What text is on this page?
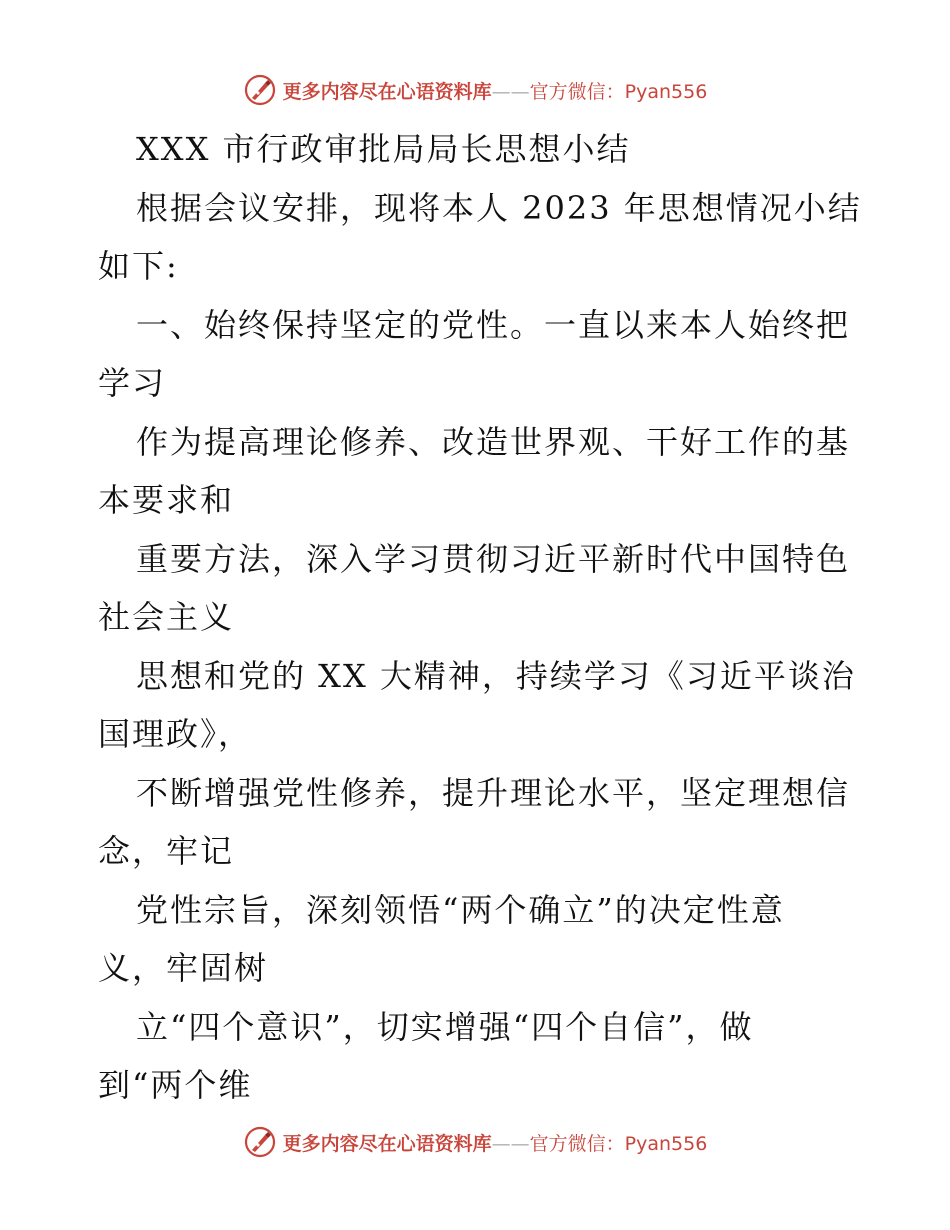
更多内容尽在心语资料库——官方微信：Pyan556
XXX 市行政审批局局长思想小结
根据会议安排，现将本人 2023 年思想情况小结
如下:
一、始终保持坚定的党性。一直以来本人始终把
学习
作为提高理论修养、改造世界观、干好工作的基
本要求和
重要方法，深入学习贯彻习近平新时代中国特色
社会主义
思想和党的 XX 大精神，持续学习《习近平谈治
国理政》，
不断增强党性修养，提升理论水平，坚定理想信
念，牢记
党性宗旨，深刻领悟“两个确立”的决定性意
义，牢固树
立“四个意识”，切实增强“四个自信”，做
到“两个维
更多内容尽在心语资料库——官方微信：Pyan556
